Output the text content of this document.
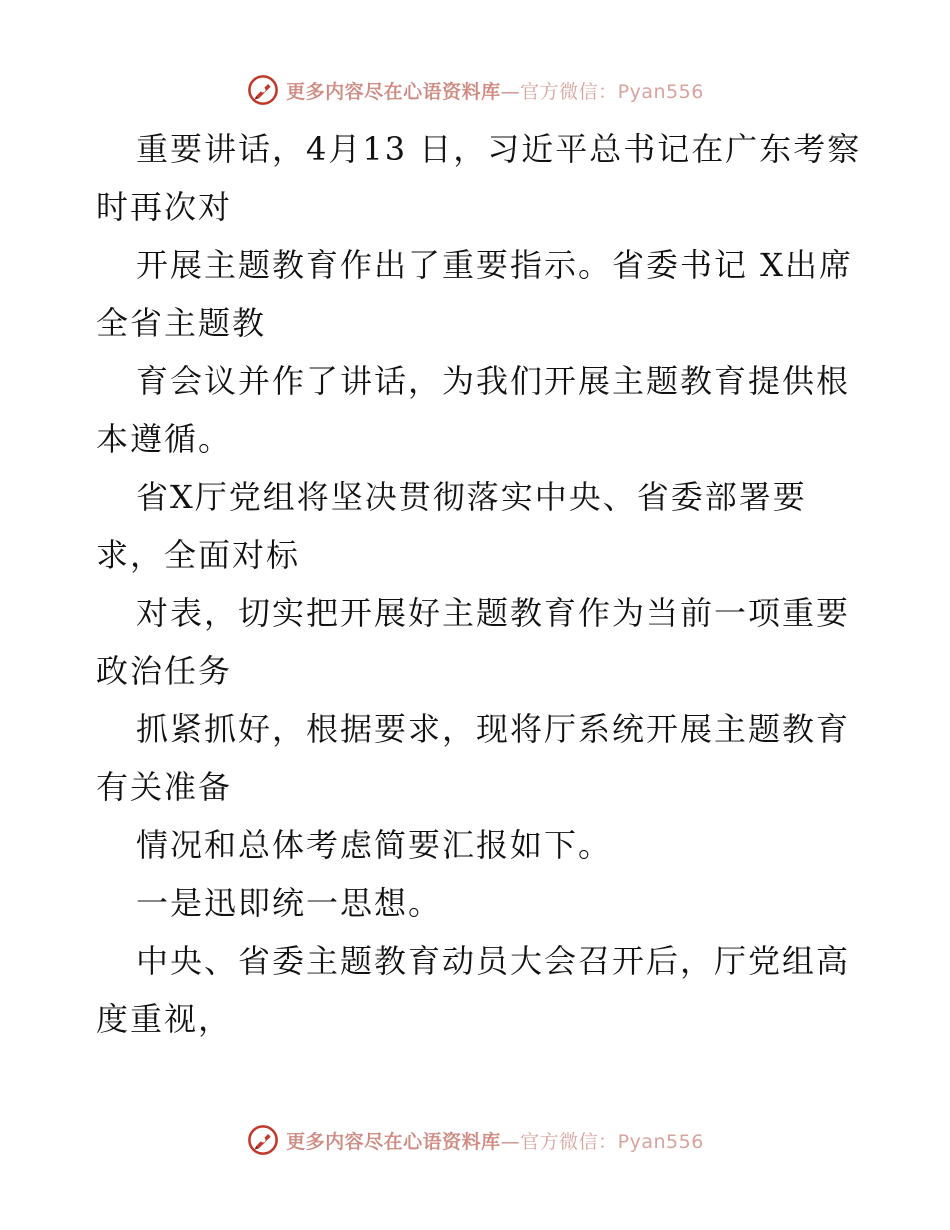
更多内容尽在心语资料库—官方微信：Pyan556

重要讲话，4月13 日，习近平总书记在广东考察时再次对

开展主题教育作出了重要指示。省委书记 X出席全省主题教

育会议并作了讲话，为我们开展主题教育提供根本遵循。

省X厅党组将坚决贯彻落实中央、省委部署要求，全面对标

对表，切实把开展好主题教育作为当前一项重要政治任务

抓紧抓好，根据要求，现将厅系统开展主题教育有关准备

情况和总体考虑简要汇报如下。

一是迅即统一思想。

中央、省委主题教育动员大会召开后，厅党组高度重视，

更多内容尽在心语资料库—官方微信：Pyan556
